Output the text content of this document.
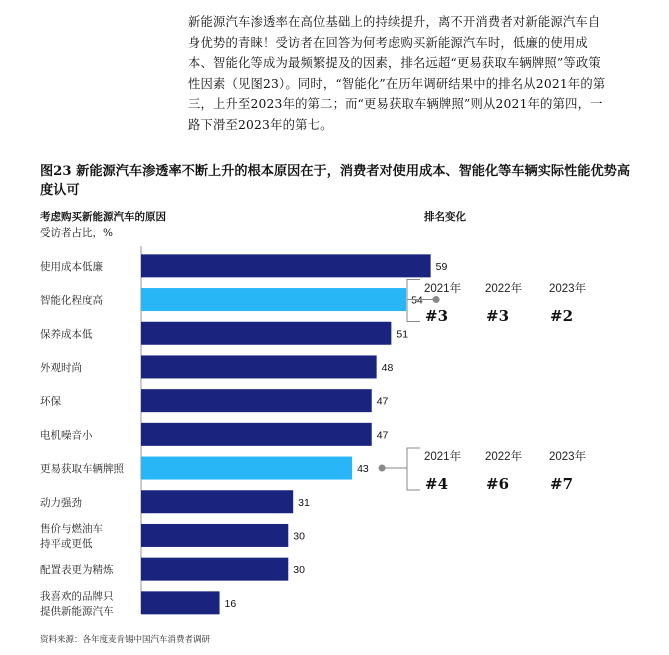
新能源汽车渗透率在高位基础上的持续提升，离不开消费者对新能源汽车自身优势的青睐！受访者在回答为何考虑购买新能源汽车时，低廉的使用成本、智能化等成为最频繁提及的因素，排名远超“更易获取车辆牌照”等政策性因素（见图23）。同时，“智能化”在历年调研结果中的排名从2021年的第三，上升至2023年的第二；而“更易获取车辆牌照”则从2021年的第四，一路下滑至2023年的第七。

图23 新能源汽车渗透率不断上升的根本原因在于，消费者对使用成本、智能化等车辆实际性能优势高度认可

考虑购买新能源汽车的原因
受访者占比，%
排名变化
59
使用成本低廉
54
智能化程度高
51
保养成本低
48
外观时尚
47
环保
47
电机噪音小
43
更易获取车辆牌照
31
动力强劲
30
售价与燃油车持平或更低
30
配置表更为精炼
16
我喜欢的品牌只提供新能源汽车
2021年
#3
2022年
#3
2023年
#2
2021年
#4
2022年
#6
2023年
#7
资料来源：各年度麦肯锡中国汽车消费者调研
